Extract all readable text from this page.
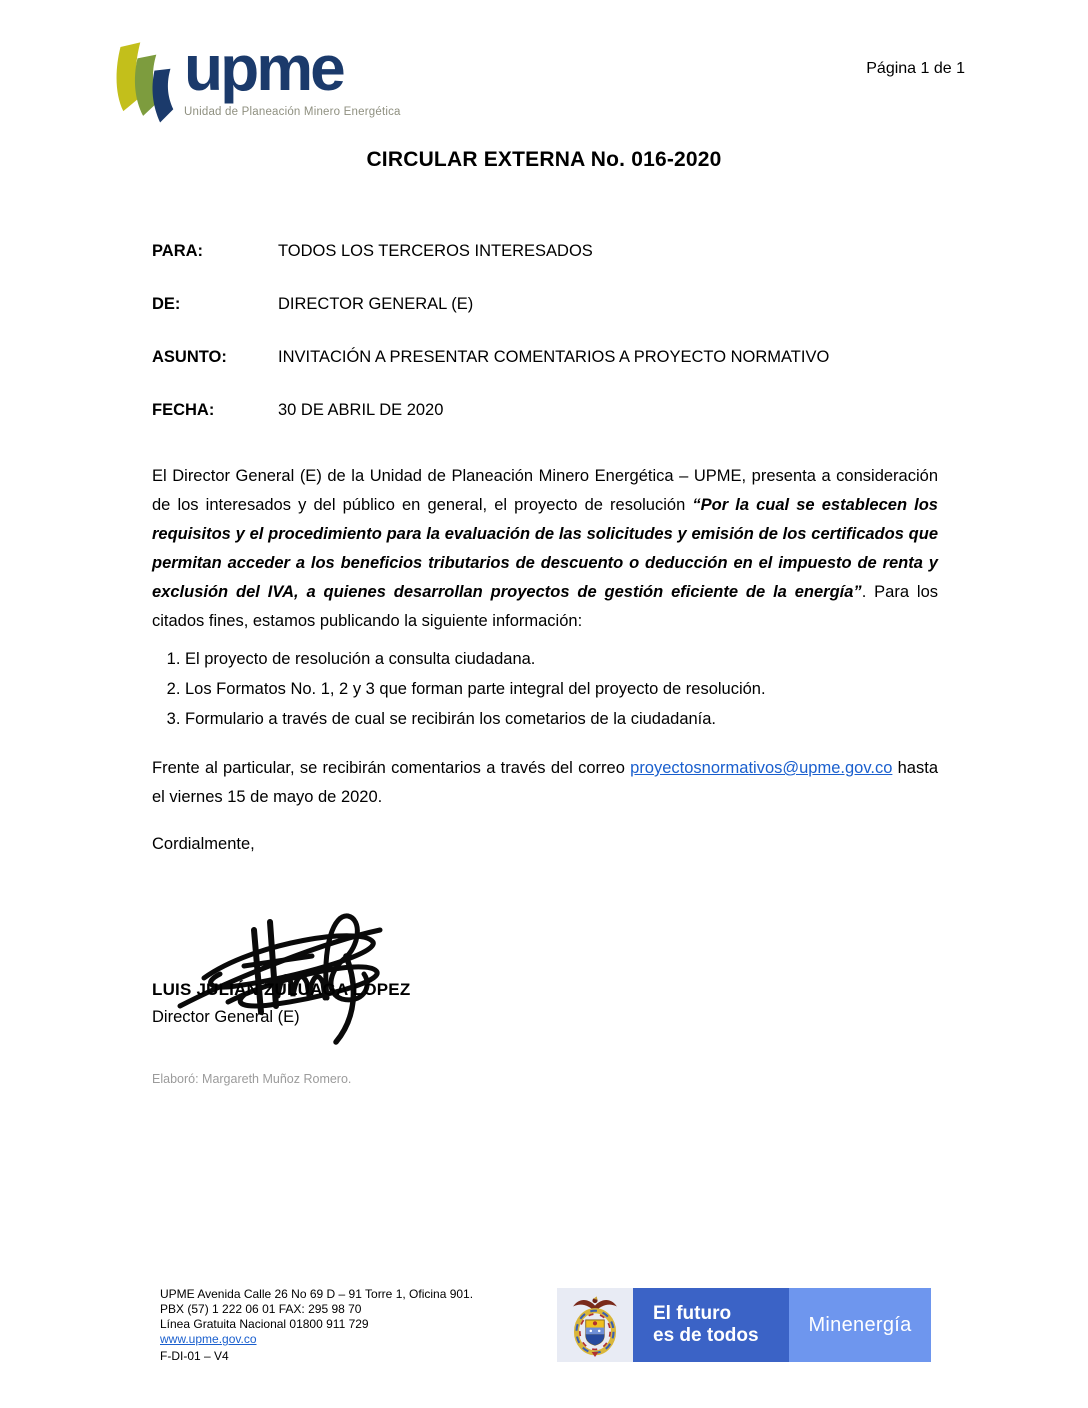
upme
Unidad de Planeación Minero Energética
Página 1 de 1
CIRCULAR EXTERNA No. 016-2020
PARA:	TODOS LOS TERCEROS INTERESADOS
DE:	DIRECTOR GENERAL (E)
ASUNTO:	INVITACIÓN A PRESENTAR COMENTARIOS A PROYECTO NORMATIVO
FECHA:	30 DE ABRIL DE 2020

El Director General (E) de la Unidad de Planeación Minero Energética – UPME, presenta a consideración de los interesados y del público en general, el proyecto de resolución “Por la cual se establecen los requisitos y el procedimiento para la evaluación de las solicitudes y emisión de los certificados que permitan acceder a los beneficios tributarios de descuento o deducción en el impuesto de renta y exclusión del IVA, a quienes desarrollan proyectos de gestión eficiente de la energía”. Para los citados fines, estamos publicando la siguiente información:

1. El proyecto de resolución a consulta ciudadana.
2. Los Formatos No. 1, 2 y 3 que forman parte integral del proyecto de resolución.
3. Formulario a través de cual se recibirán los cometarios de la ciudadanía.

Frente al particular, se recibirán comentarios a través del correo proyectosnormativos@upme.gov.co hasta el viernes 15 de mayo de 2020.

Cordialmente,

LUIS JULIÁN ZULUAGA LÓPEZ
Director General (E)
Elaboró: Margareth Muñoz Romero.
UPME Avenida Calle 26 No 69 D – 91 Torre 1, Oficina 901.
PBX (57) 1 222 06 01 FAX: 295 98 70
Línea Gratuita Nacional 01800 911 729
www.upme.gov.co
F-DI-01 – V4
El futuro
es de todos	Minenergía
